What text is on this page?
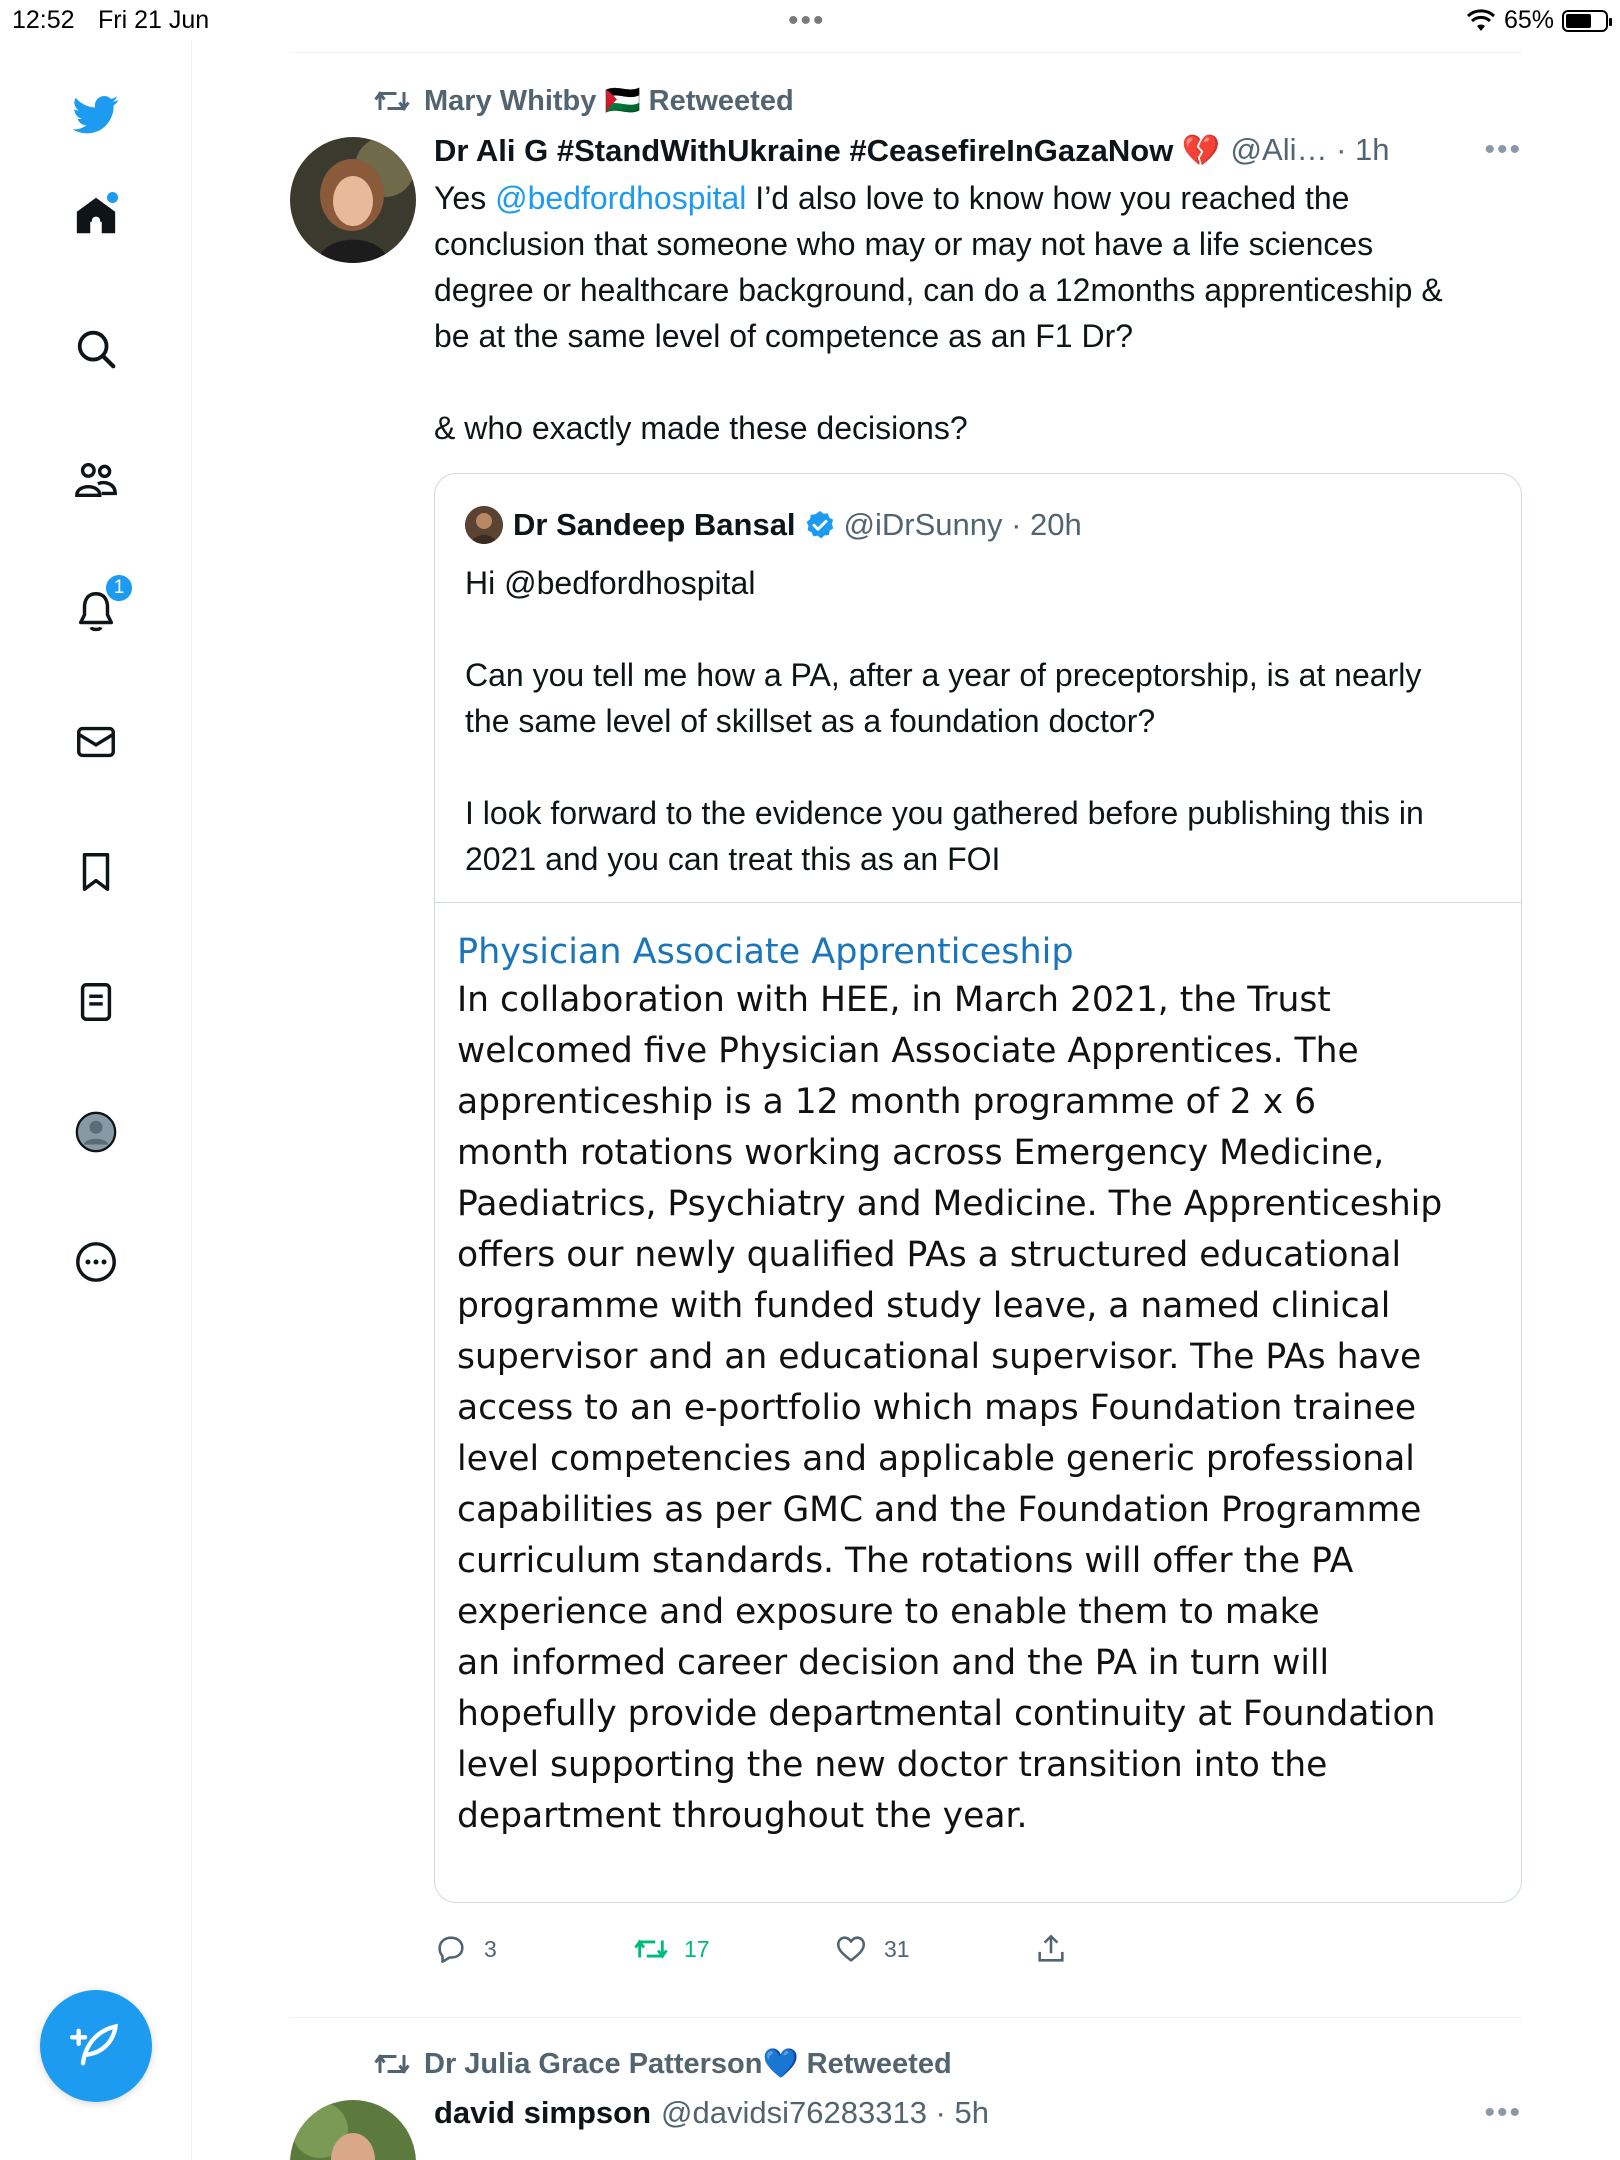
12:52 Fri 21 Jun	•••	65%
1
Mary Whitby 🇵🇸 Retweeted
Dr Ali G #StandWithUkraine #CeasefireInGazaNow 💔 @Ali… · 1h	•••
Yes @bedfordhospital I’d also love to know how you reached the
conclusion that someone who may or may not have a life sciences
degree or healthcare background, can do a 12months apprenticeship &
be at the same level of competence as an F1 Dr?

& who exactly made these decisions?
Dr Sandeep Bansal @iDrSunny · 20h
Hi @bedfordhospital

Can you tell me how a PA, after a year of preceptorship, is at nearly
the same level of skillset as a foundation doctor?

I look forward to the evidence you gathered before publishing this in
2021 and you can treat this as an FOI
Physician Associate Apprenticeship
In collaboration with HEE, in March 2021, the Trust
welcomed five Physician Associate Apprentices. The
apprenticeship is a 12 month programme of 2 x 6
month rotations working across Emergency Medicine,
Paediatrics, Psychiatry and Medicine. The Apprenticeship
offers our newly qualified PAs a structured educational
programme with funded study leave, a named clinical
supervisor and an educational supervisor. The PAs have
access to an e-portfolio which maps Foundation trainee
level competencies and applicable generic professional
capabilities as per GMC and the Foundation Programme
curriculum standards. The rotations will offer the PA
experience and exposure to enable them to make
an informed career decision and the PA in turn will
hopefully provide departmental continuity at Foundation
level supporting the new doctor transition into the
department throughout the year.
3	17	31
Dr Julia Grace Patterson💙 Retweeted
david simpson @davidsi76283313 · 5h	•••
